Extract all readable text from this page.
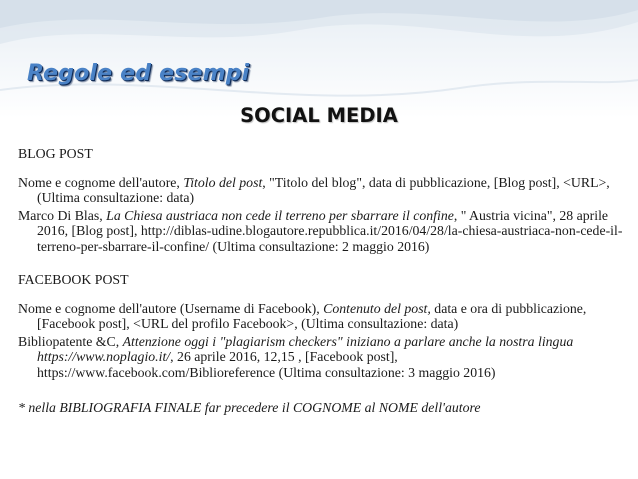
Regole ed esempi
SOCIAL MEDIA

BLOG POST

Nome e cognome dell'autore, Titolo del post, "Titolo del blog", data di pubblicazione, [Blog post], <URL>, (Ultima consultazione: data)

Marco Di Blas, La Chiesa austriaca non cede il terreno per sbarrare il confine, " Austria vicina", 28 aprile 2016, [Blog post], http://diblas-udine.blogautore.repubblica.it/2016/04/28/la-chiesa-austriaca-non-cede-il-terreno-per-sbarrare-il-confine/ (Ultima consultazione: 2 maggio 2016)

FACEBOOK POST

Nome e cognome dell'autore (Username di Facebook), Contenuto del post, data e ora di pubblicazione, [Facebook post], <URL del profilo Facebook>, (Ultima consultazione: data)

Bibliopatente &C, Attenzione oggi i "plagiarism checkers" iniziano a parlare anche la nostra lingua https://www.noplagio.it/, 26 aprile 2016, 12,15 , [Facebook post], https://www.facebook.com/Biblioreference (Ultima consultazione: 3 maggio 2016)

* nella BIBLIOGRAFIA FINALE far precedere il COGNOME al NOME dell'autore
